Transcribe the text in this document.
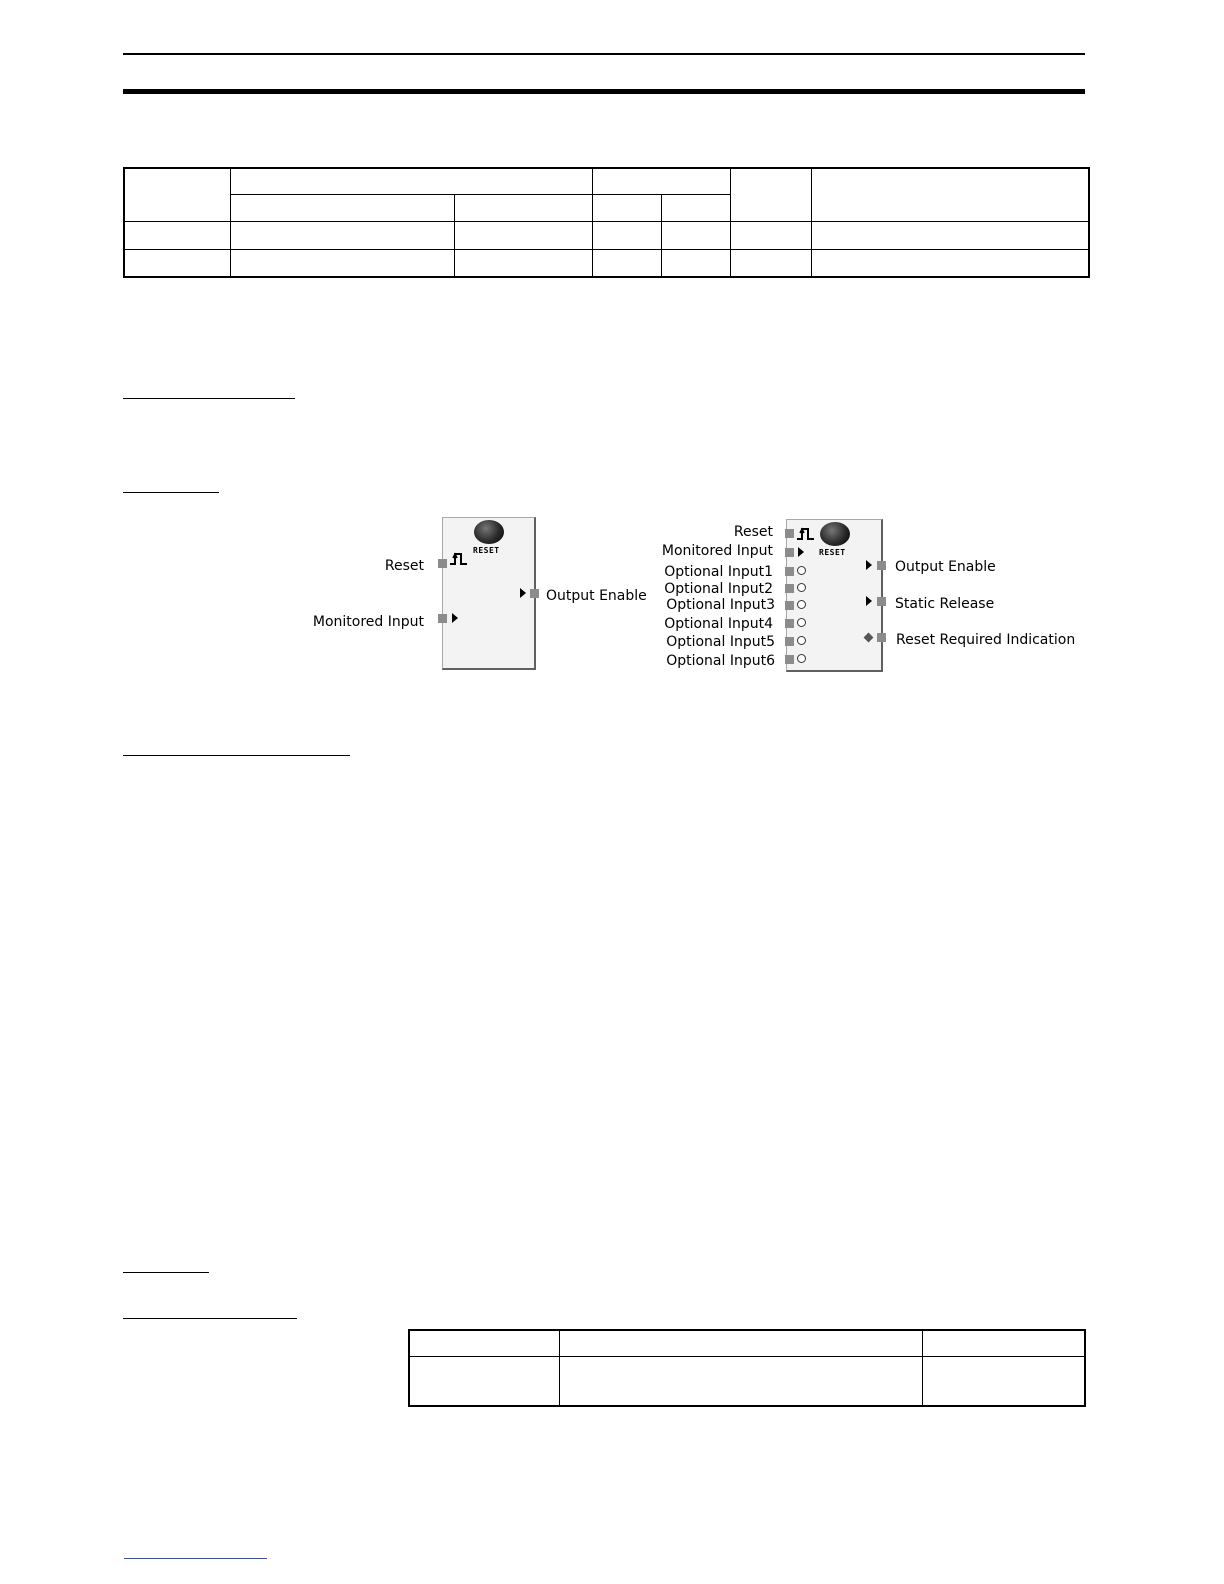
RESET
Reset
Monitored Input
Output Enable
RESET
Reset
Monitored Input
Optional Input1
Optional Input2
Optional Input3
Optional Input4
Optional Input5
Optional Input6
Output Enable
Static Release
Reset Required Indication
